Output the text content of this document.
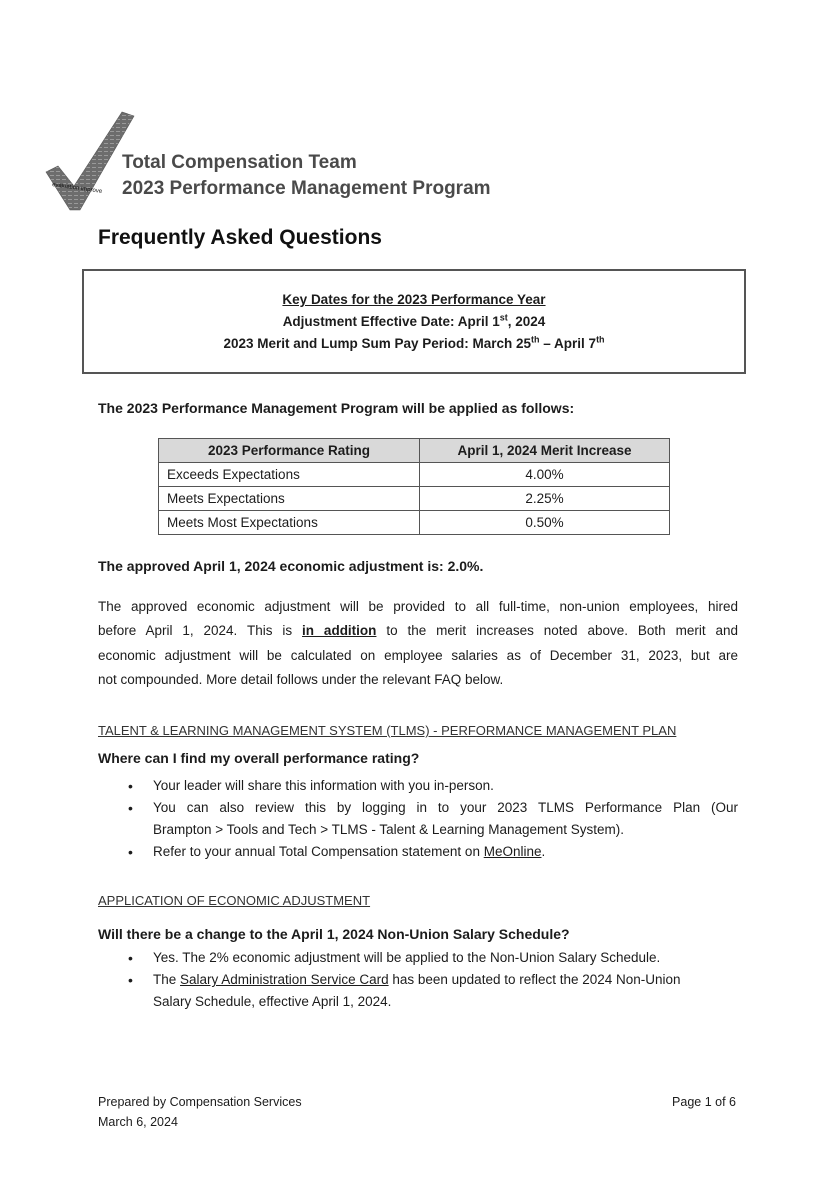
evaluation improve
Total Compensation Team
2023 Performance Management Program
Frequently Asked Questions
Key Dates for the 2023 Performance Year
Adjustment Effective Date: April 1st, 2024
2023 Merit and Lump Sum Pay Period: March 25th – April 7th
The 2023 Performance Management Program will be applied as follows:
2023 Performance Rating	April 1, 2024 Merit Increase
Exceeds Expectations	4.00%
Meets Expectations	2.25%
Meets Most Expectations	0.50%
The approved April 1, 2024 economic adjustment is: 2.0%.
The approved economic adjustment will be provided to all full-time, non-union employees, hired
before April 1, 2024. This is in addition to the merit increases noted above. Both merit and
economic adjustment will be calculated on employee salaries as of December 31, 2023, but are
not compounded. More detail follows under the relevant FAQ below.
TALENT & LEARNING MANAGEMENT SYSTEM (TLMS) - PERFORMANCE MANAGEMENT PLAN
Where can I find my overall performance rating?
• Your leader will share this information with you in-person.
• You can also review this by logging in to your 2023 TLMS Performance Plan (Our
Brampton > Tools and Tech > TLMS - Talent & Learning Management System).
• Refer to your annual Total Compensation statement on MeOnline.
APPLICATION OF ECONOMIC ADJUSTMENT
Will there be a change to the April 1, 2024 Non-Union Salary Schedule?
• Yes. The 2% economic adjustment will be applied to the Non-Union Salary Schedule.
• The Salary Administration Service Card has been updated to reflect the 2024 Non-Union
Salary Schedule, effective April 1, 2024.
Prepared by Compensation Services
March 6, 2024
Page 1 of 6
